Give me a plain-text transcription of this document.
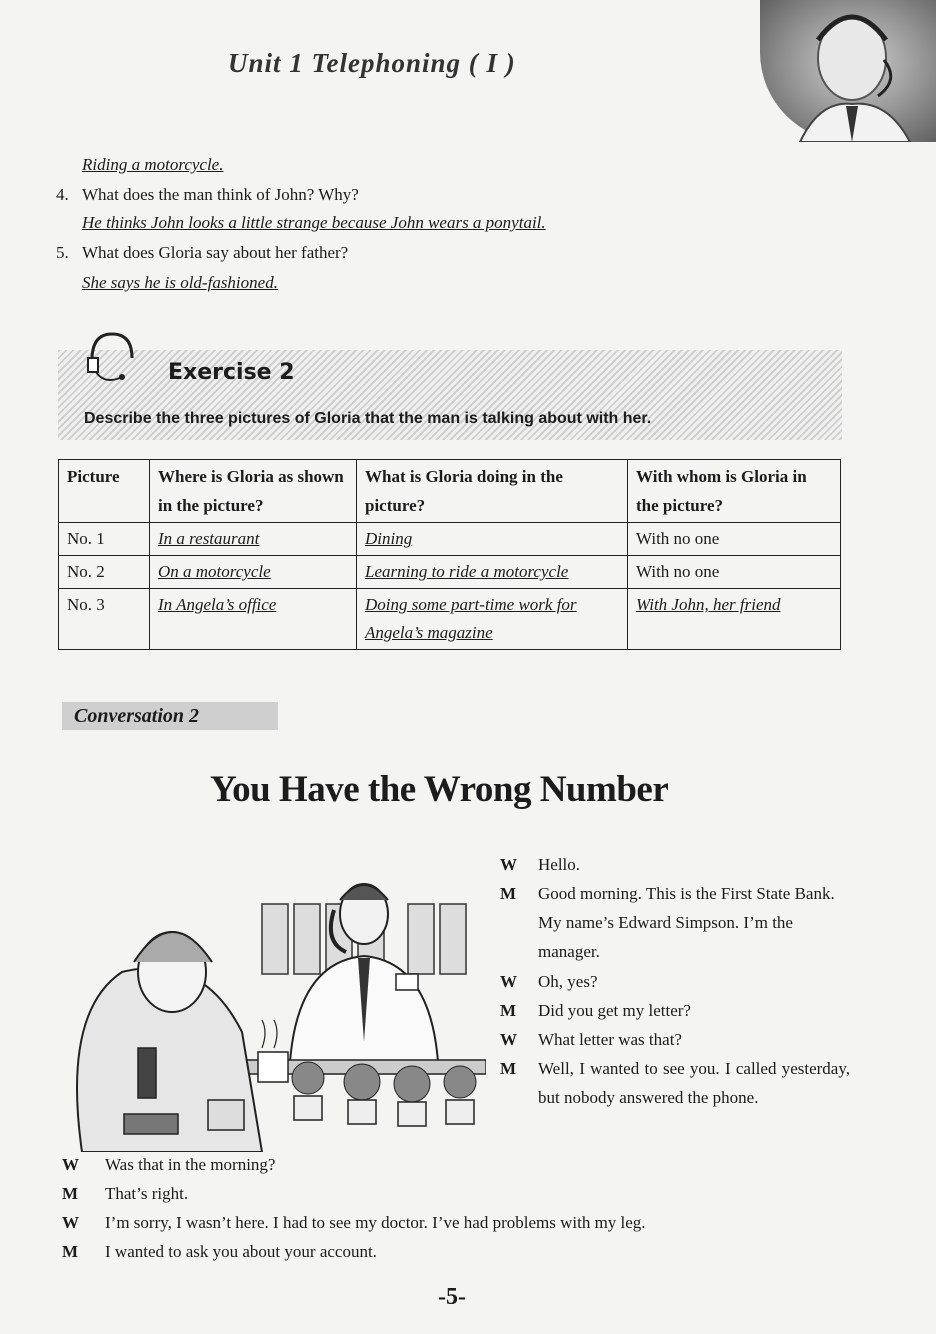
Unit 1 Telephoning ( I )
Riding a motorcycle.
4. What does the man think of John? Why?
He thinks John looks a little strange because John wears a ponytail.
5. What does Gloria say about her father?
She says he is old-fashioned.
Exercise 2
Describe the three pictures of Gloria that the man is talking about with her.
Picture	Where is Gloria as shown in the picture?	What is Gloria doing in the picture?	With whom is Gloria in the picture?
No. 1	In a restaurant	Dining	With no one
No. 2	On a motorcycle	Learning to ride a motorcycle	With no one
No. 3	In Angela’s office	Doing some part-time work for Angela’s magazine	With John, her friend
Conversation 2
You Have the Wrong Number
W Hello.
M Good morning. This is the First State Bank. My name’s Edward Simpson. I’m the manager.
W Oh, yes?
M Did you get my letter?
W What letter was that?
M Well, I wanted to see you. I called yesterday, but nobody answered the phone.
W Was that in the morning?
M That’s right.
W I’m sorry, I wasn’t here. I had to see my doctor. I’ve had problems with my leg.
M I wanted to ask you about your account.
-5-
